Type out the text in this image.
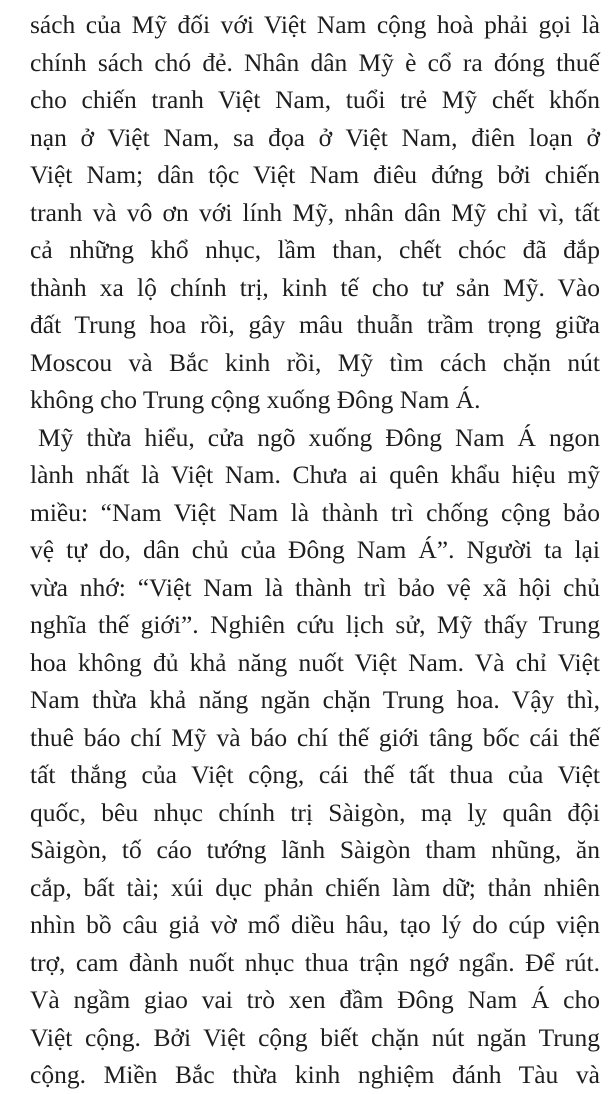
sách của Mỹ đối với Việt Nam cộng hoà phải gọi là
chính sách chó đẻ. Nhân dân Mỹ è cổ ra đóng thuế
cho chiến tranh Việt Nam, tuổi trẻ Mỹ chết khốn
nạn ở Việt Nam, sa đọa ở Việt Nam, điên loạn ở
Việt Nam; dân tộc Việt Nam điêu đứng bởi chiến
tranh và vô ơn với lính Mỹ, nhân dân Mỹ chỉ vì, tất
cả những khổ nhục, lầm than, chết chóc đã đắp
thành xa lộ chính trị, kinh tế cho tư sản Mỹ. Vào
đất Trung hoa rồi, gây mâu thuẫn trầm trọng giữa
Moscou và Bắc kinh rồi, Mỹ tìm cách chặn nút
không cho Trung cộng xuống Đông Nam Á.
Mỹ thừa hiểu, cửa ngõ xuống Đông Nam Á ngon
lành nhất là Việt Nam. Chưa ai quên khẩu hiệu mỹ
miều: “Nam Việt Nam là thành trì chống cộng bảo
vệ tự do, dân chủ của Đông Nam Á”. Người ta lại
vừa nhớ: “Việt Nam là thành trì bảo vệ xã hội chủ
nghĩa thế giới”. Nghiên cứu lịch sử, Mỹ thấy Trung
hoa không đủ khả năng nuốt Việt Nam. Và chỉ Việt
Nam thừa khả năng ngăn chặn Trung hoa. Vậy thì,
thuê báo chí Mỹ và báo chí thế giới tâng bốc cái thế
tất thắng của Việt cộng, cái thế tất thua của Việt
quốc, bêu nhục chính trị Sàigòn, mạ lỵ quân đội
Sàigòn, tố cáo tướng lãnh Sàigòn tham nhũng, ăn
cắp, bất tài; xúi dục phản chiến làm dữ; thản nhiên
nhìn bồ câu giả vờ mổ diều hâu, tạo lý do cúp viện
trợ, cam đành nuốt nhục thua trận ngớ ngẩn. Để rút.
Và ngầm giao vai trò xen đầm Đông Nam Á cho
Việt cộng. Bởi Việt cộng biết chặn nút ngăn Trung
cộng. Miền Bắc thừa kinh nghiệm đánh Tàu và
